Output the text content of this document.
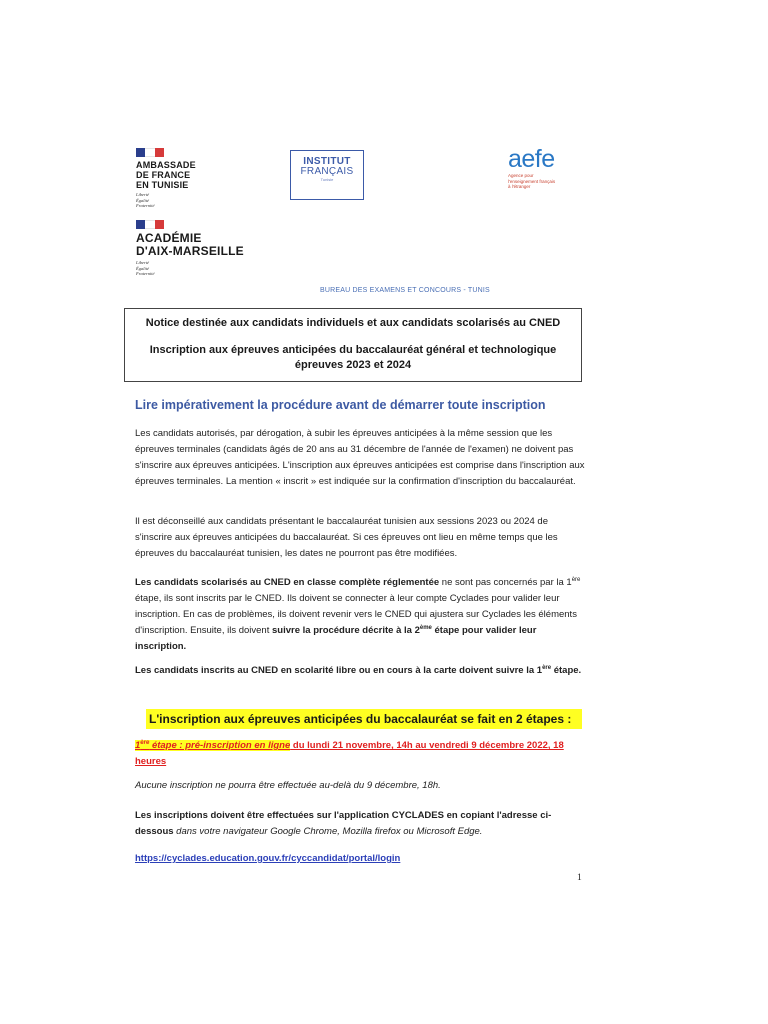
AMBASSADE
DE FRANCE
EN TUNISIE
Liberté
Égalité
Fraternité
ACADÉMIE
D'AIX-MARSEILLE
Liberté
Égalité
Fraternité
INSTITUT
FRANÇAIS
Tunisie
aefe
Agence pour
l'enseignement français
à l'étranger
BUREAU DES EXAMENS ET CONCOURS - TUNIS
Notice destinée aux candidats individuels et aux candidats scolarisés au CNED
Inscription aux épreuves anticipées du baccalauréat général et technologique
épreuves 2023 et 2024
Lire impérativement la procédure avant de démarrer toute inscription
Les candidats autorisés, par dérogation, à subir les épreuves anticipées à la même session que les épreuves terminales (candidats âgés de 20 ans au 31 décembre de l'année de l'examen) ne doivent pas s'inscrire aux épreuves anticipées. L'inscription aux épreuves anticipées est comprise dans l'inscription aux épreuves terminales. La mention « inscrit » est indiquée sur la confirmation d'inscription du baccalauréat.
Il est déconseillé aux candidats présentant le baccalauréat tunisien aux sessions 2023 ou 2024 de s'inscrire aux épreuves anticipées du baccalauréat. Si ces épreuves ont lieu en même temps que les épreuves du baccalauréat tunisien, les dates ne pourront pas être modifiées.
Les candidats scolarisés au CNED en classe complète réglementée ne sont pas concernés par la 1ère étape, ils sont inscrits par le CNED. Ils doivent se connecter à leur compte Cyclades pour valider leur inscription. En cas de problèmes, ils doivent revenir vers le CNED qui ajustera sur Cyclades les éléments d'inscription. Ensuite, ils doivent suivre la procédure décrite à la 2ème étape pour valider leur inscription.
Les candidats inscrits au CNED en scolarité libre ou en cours à la carte doivent suivre la 1ère étape.
L'inscription aux épreuves anticipées du baccalauréat se fait en 2 étapes :
1ère étape : pré-inscription en ligne du lundi 21 novembre, 14h au vendredi 9 décembre 2022, 18 heures
Aucune inscription ne pourra être effectuée au-delà du 9 décembre, 18h.
Les inscriptions doivent être effectuées sur l'application CYCLADES en copiant l'adresse ci-dessous dans votre navigateur Google Chrome, Mozilla firefox ou Microsoft Edge.
https://cyclades.education.gouv.fr/cyccandidat/portal/login
1
